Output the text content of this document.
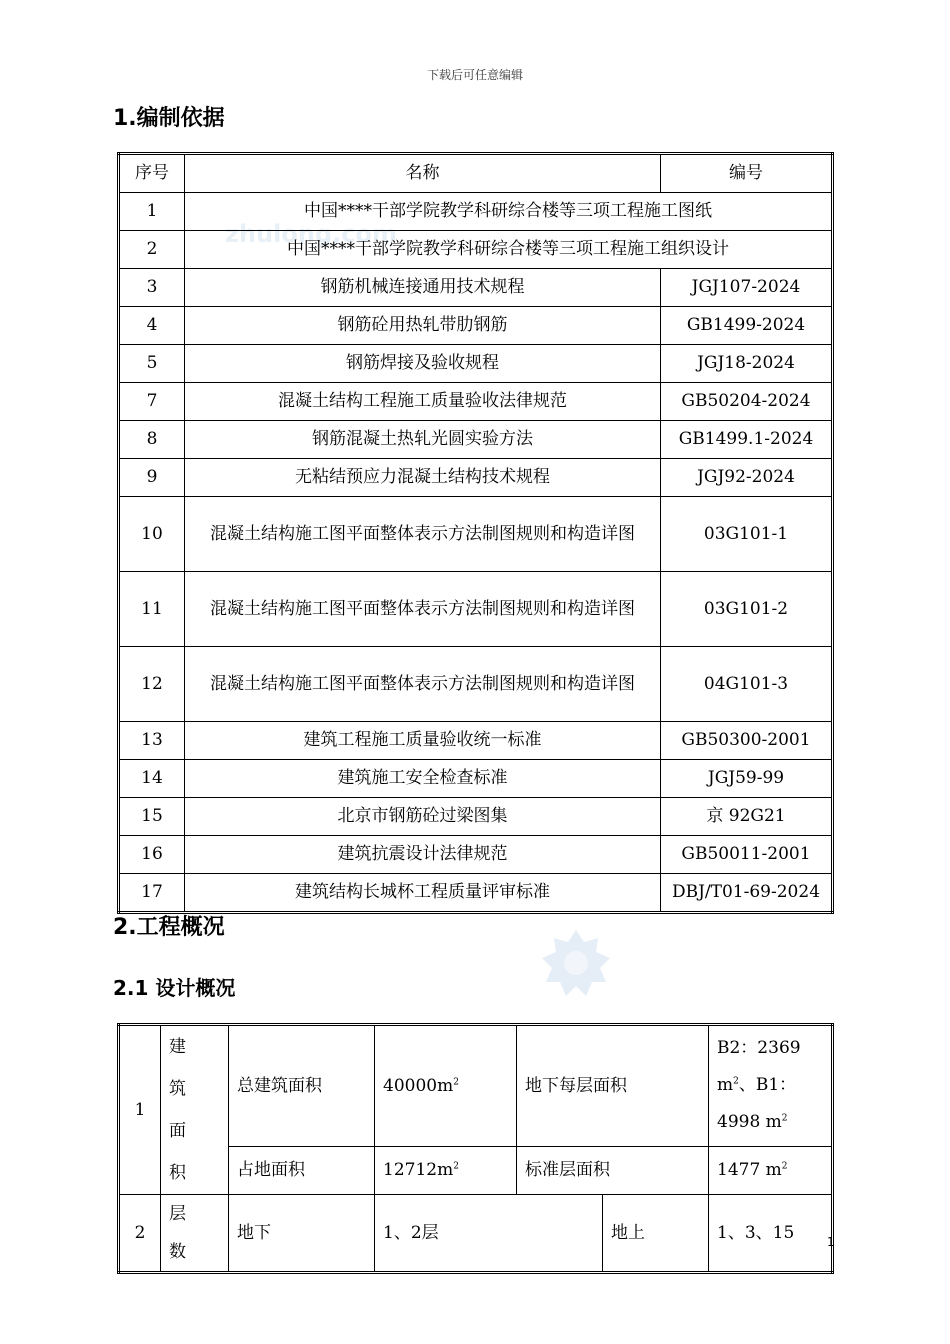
下载后可任意编辑
zhulong.com
1.编制依据
序号	名称	编号
1	中国****干部学院教学科研综合楼等三项工程施工图纸	
2	中国****干部学院教学科研综合楼等三项工程施工组织设计	
3	钢筋机械连接通用技术规程	JGJ107-2024
4	钢筋砼用热轧带肋钢筋	GB1499-2024
5	钢筋焊接及验收规程	JGJ18-2024
7	混凝土结构工程施工质量验收法律规范	GB50204-2024
8	钢筋混凝土热轧光圆实验方法	GB1499.1-2024
9	无粘结预应力混凝土结构技术规程	JGJ92-2024
10	混凝土结构施工图平面整体表示方法制图规则和构造详图	03G101-1
11	混凝土结构施工图平面整体表示方法制图规则和构造详图	03G101-2
12	混凝土结构施工图平面整体表示方法制图规则和构造详图	04G101-3
13	建筑工程施工质量验收统一标准	GB50300-2001
14	建筑施工安全检查标准	JGJ59-99
15	北京市钢筋砼过梁图集	京 92G21
16	建筑抗震设计法律规范	GB50011-2001
17	建筑结构长城杯工程质量评审标准	DBJ/T01-69-2024
2.工程概况
2.1 设计概况
1	建筑面积	总建筑面积	$40000m^2$	地下每层面积		B2：2369
$m^2$、B1：
4998 $m^2$
		占地面积	$12712m^2$	标准层面积		1477 $m^2$
2	层数	地下	1、2层		地上	1、3、15	1
